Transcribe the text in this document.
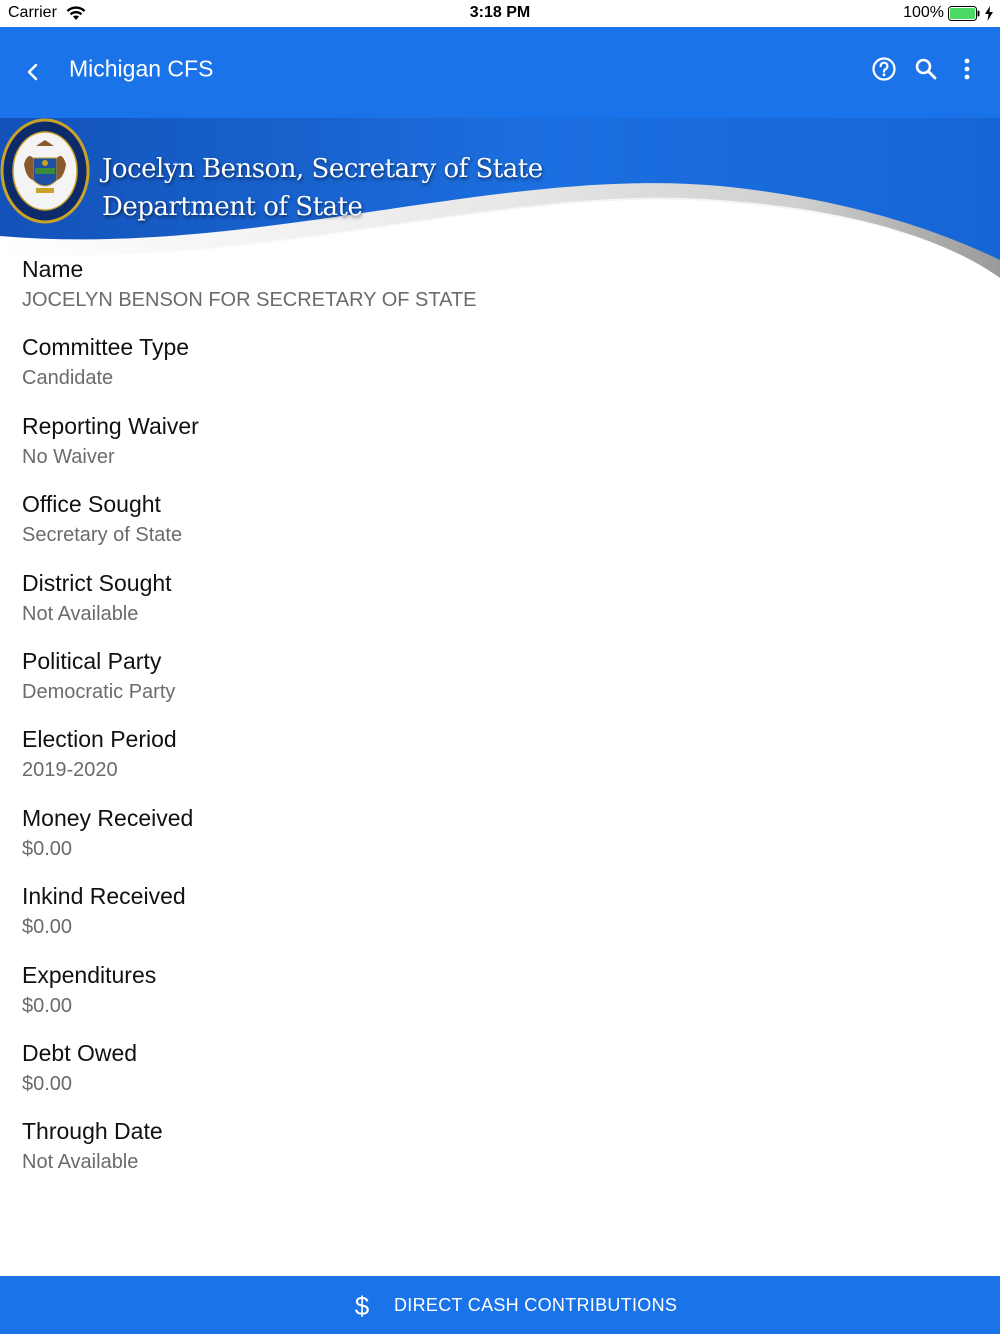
Carrier	3:18 PM	100%
Michigan CFS
Jocelyn Benson, Secretary of State
Department of State
Name
JOCELYN BENSON FOR SECRETARY OF STATE
Committee Type
Candidate
Reporting Waiver
No Waiver
Office Sought
Secretary of State
District Sought
Not Available
Political Party
Democratic Party
Election Period
2019-2020
Money Received
$0.00
Inkind Received
$0.00
Expenditures
$0.00
Debt Owed
$0.00
Through Date
Not Available
$ DIRECT CASH CONTRIBUTIONS
